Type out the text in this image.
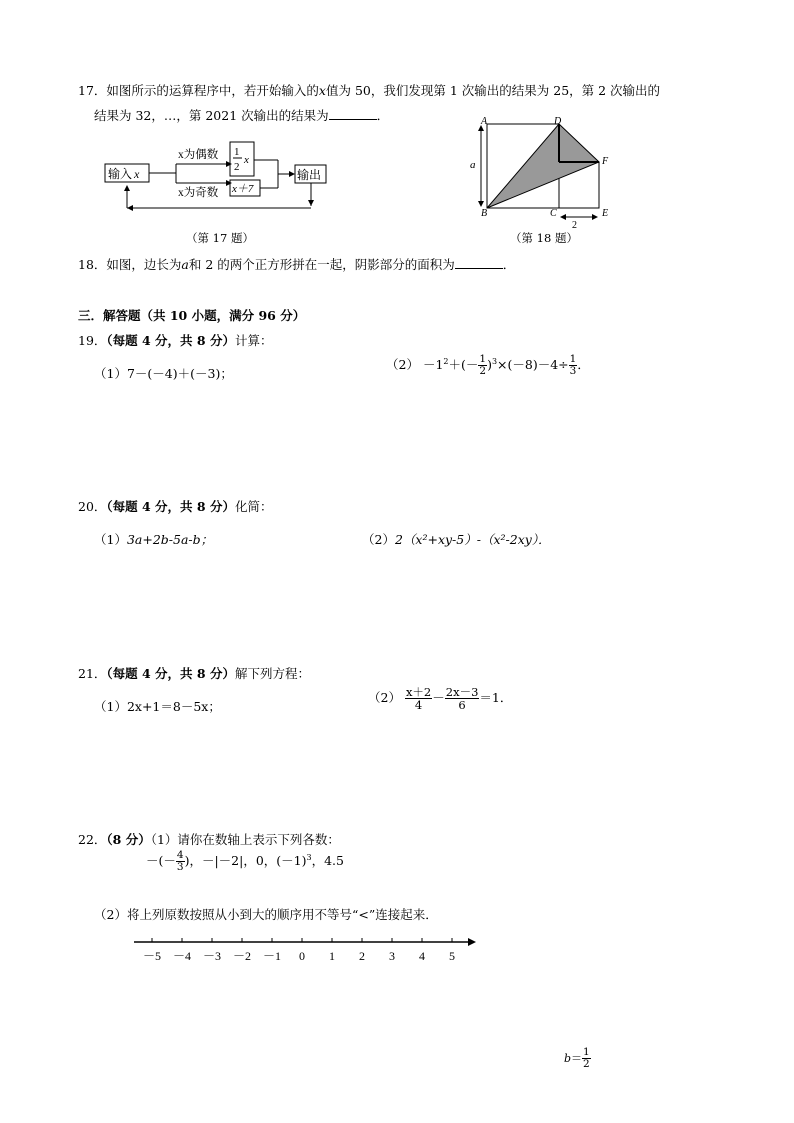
17．如图所示的运算程序中，若开始输入的x值为 50，我们发现第 1 次输出的结果为 25，第 2 次输出的
结果为 32，…，第 2021 次输出的结果为	．
输入 x
x为偶数
x为奇数
1
2
x
x＋7
输出
（第 17 题）
a
2
A	D
B	C	E
F
（第 18 题）
18．如图，边长为a和 2 的两个正方形拼在一起，阴影部分的面积为	．
三．解答题（共 10 小题，满分 96 分）
19．（每题 4 分，共 8 分）计算：
（1）7－(－4)＋(－3)；
$(2) -1^2+(- \frac{1}{2} )^3\times(-8)-4\div \frac{1}{3}$ ．
20．（每题 4 分，共 8 分）化简：
（1）3a+2b-5a-b；	（2）2（x²+xy-5）-（x²-2xy）．
21．（每题 4 分，共 8 分）解下列方程：
（1）2x+1＝8－5x；
$(2) \frac{x+2}{4} - \frac{2x-3}{6} =1$．
22．（8 分）（1）请你在数轴上表示下列各数：
－(－ $\frac{4}{3}$ )，－|－2|，0，$(-1)^3$，4.5
（2）将上列原数按照从小到大的顺序用不等号“<”连接起来．
－5 －4 －3 －2 －1 0 1 2 3 4 5
$b= \frac{1}{2}$
